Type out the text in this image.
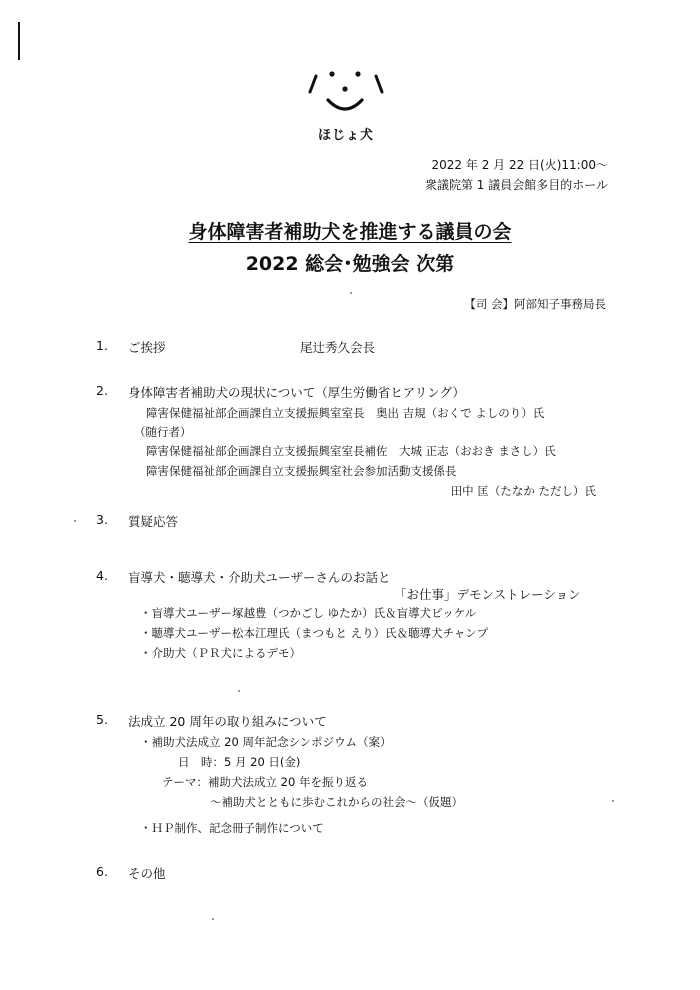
ほじょ犬
2022 年 2 月 22 日(火)11:00～
衆議院第 1 議員会館多目的ホール
身体障害者補助犬を推進する議員の会
2022 総会･勉強会 次第
【司 会】阿部知子事務局長
1. ご挨拶	尾辻秀久会長
2. 身体障害者補助犬の現状について（厚生労働省ヒアリング）
障害保健福祉部企画課自立支援振興室室長　奥出 吉規（おくで よしのり）氏
（随行者）
障害保健福祉部企画課自立支援振興室室長補佐　大城 正志（おおき まさし）氏
障害保健福祉部企画課自立支援振興室社会参加活動支援係長
田中 匡（たなか ただし）氏
3. 質疑応答
4. 盲導犬・聴導犬・介助犬ユーザーさんのお話と
「お仕事」デモンストレーション
・盲導犬ユーザー塚越豊（つかごし ゆたか）氏＆盲導犬ピッケル
・聴導犬ユーザー松本江理氏（まつもと えり）氏＆聴導犬チャンプ
・介助犬（ＰＲ犬によるデモ）
5. 法成立 20 周年の取り組みについて
・補助犬法成立 20 周年記念シンポジウム（案）
日　時：5 月 20 日(金)
テーマ：補助犬法成立 20 年を振り返る
～補助犬とともに歩むこれからの社会～（仮題）
・ＨＰ制作、記念冊子制作について
6. その他
